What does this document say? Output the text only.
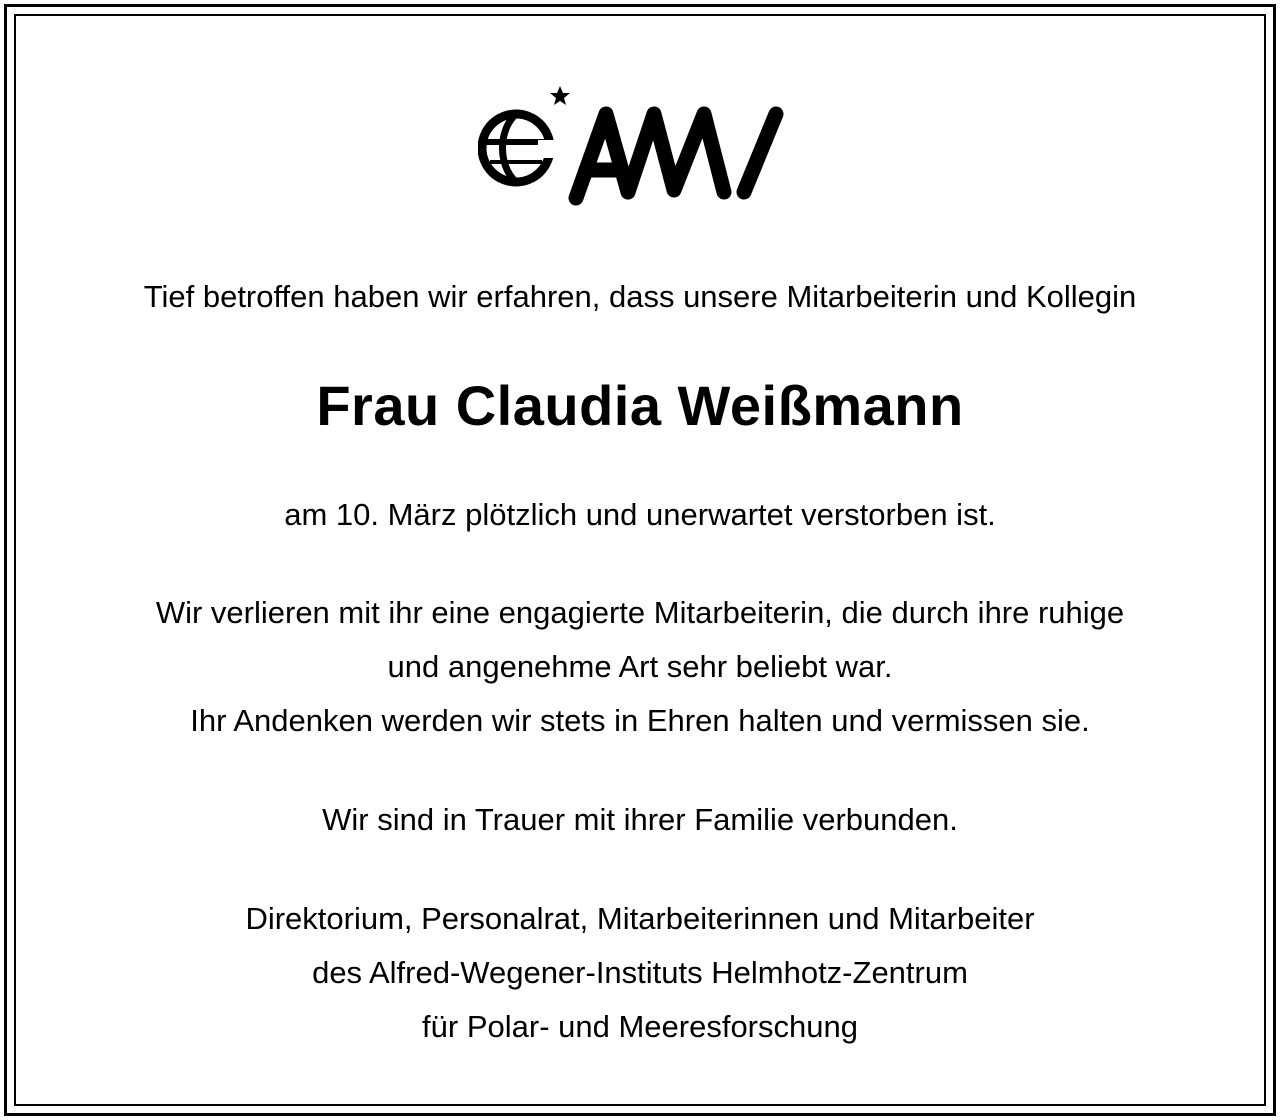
Tief betroffen haben wir erfahren, dass unsere Mitarbeiterin und Kollegin
Frau Claudia Weißmann
am 10. März plötzlich und unerwartet verstorben ist.
Wir verlieren mit ihr eine engagierte Mitarbeiterin, die durch ihre ruhige
und angenehme Art sehr beliebt war.
Ihr Andenken werden wir stets in Ehren halten und vermissen sie.
Wir sind in Trauer mit ihrer Familie verbunden.
Direktorium, Personalrat, Mitarbeiterinnen und Mitarbeiter
des Alfred-Wegener-Instituts Helmhotz-Zentrum
für Polar- und Meeresforschung
